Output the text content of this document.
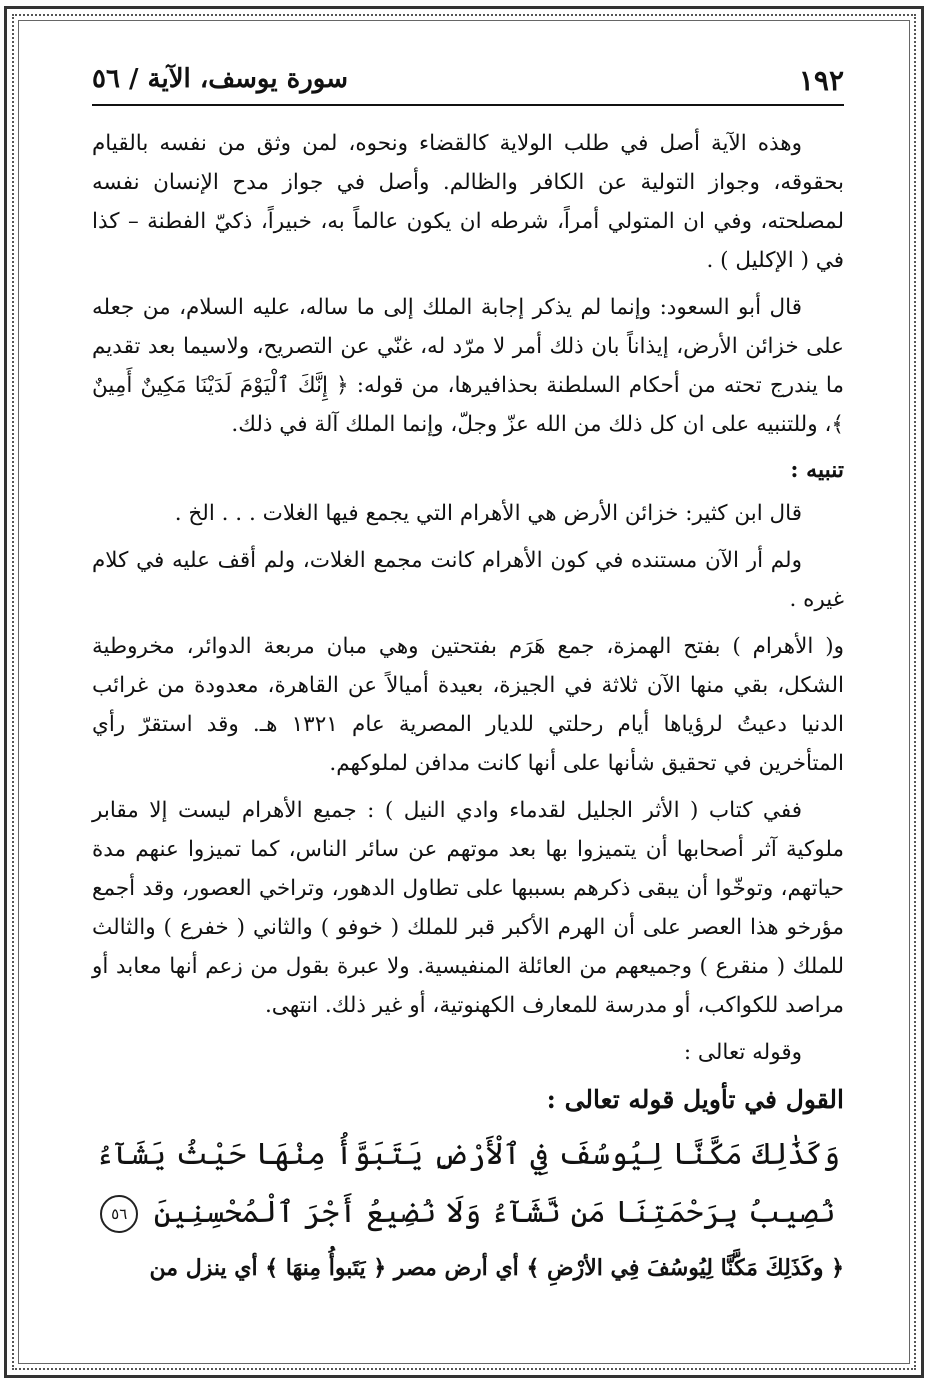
١٩٢
سورة يوسف، الآية / ٥٦

وهذه الآية أصل في طلب الولاية كالقضاء ونحوه، لمن وثق من نفسه بالقيام بحقوقه، وجواز التولية عن الكافر والظالم. وأصل في جواز مدح الإنسان نفسه لمصلحته، وفي ان المتولي أمراً، شرطه ان يكون عالماً به، خبيراً، ذكيّ الفطنة – كذا في ( الإكليل ) .

قال أبو السعود: وإنما لم يذكر إجابة الملك إلى ما ساله، عليه السلام، من جعله على خزائن الأرض، إيذاناً بان ذلك أمر لا مرّد له، غنّي عن التصريح، ولاسيما بعد تقديم ما يندرج تحته من أحكام السلطنة بحذافيرها، من قوله: ﴿ إِنَّكَ ٱلْيَوْمَ لَدَيْنَا مَكِينٌ أَمِينٌ ﴾، وللتنبيه على ان كل ذلك من الله عزّ وجلّ، وإنما الملك آلة في ذلك.

تنبيه :

قال ابن كثير: خزائن الأرض هي الأهرام التي يجمع فيها الغلات . . . الخ .

ولم أر الآن مستنده في كون الأهرام كانت مجمع الغلات، ولم أقف عليه في كلام غيره .

و( الأهرام ) بفتح الهمزة، جمع هَرَم بفتحتين وهي مبان مربعة الدوائر، مخروطية الشكل، بقي منها الآن ثلاثة في الجيزة، بعيدة أميالاً عن القاهرة، معدودة من غرائب الدنيا دعيتُ لرؤياها أيام رحلتي للديار المصرية عام ١٣٢١ هـ. وقد استقرّ رأي المتأخرين في تحقيق شأنها على أنها كانت مدافن لملوكهم.

ففي كتاب ( الأثر الجليل لقدماء وادي النيل ) : جميع الأهرام ليست إلا مقابر ملوكية آثر أصحابها أن يتميزوا بها بعد موتهم عن سائر الناس، كما تميزوا عنهم مدة حياتهم، وتوخّوا أن يبقى ذكرهم بسببها على تطاول الدهور، وتراخي العصور، وقد أجمع مؤرخو هذا العصر على أن الهرم الأكبر قبر للملك ( خوفو ) والثاني ( خفرع ) والثالث للملك ( منقرع ) وجميعهم من العائلة المنفيسية. ولا عبرة بقول من زعم أنها معابد أو مراصد للكواكب، أو مدرسة للمعارف الكهنوتية، أو غير ذلك. انتهى.

وقوله تعالى :

القول في تأويل قوله تعالى :
وَكَذَٰلِكَ مَكَّنَّا لِيُوسُفَ فِي ٱلْأَرْضِ يَتَبَوَّأُ مِنْهَا حَيْثُ يَشَآءُ نُصِيبُ بِرَحْمَتِنَا مَن نَّشَآءُ وَلَا نُضِيعُ أَجْرَ ٱلْمُحْسِنِينَ ٥٦

﴿ وكَذَلِكَ مَكَّنَّا لِيُوسُفَ فِي الأرْضِ ﴾ أي أرض مصر ﴿ يَتَبوأُ مِنهَا ﴾ أي ينزل من
